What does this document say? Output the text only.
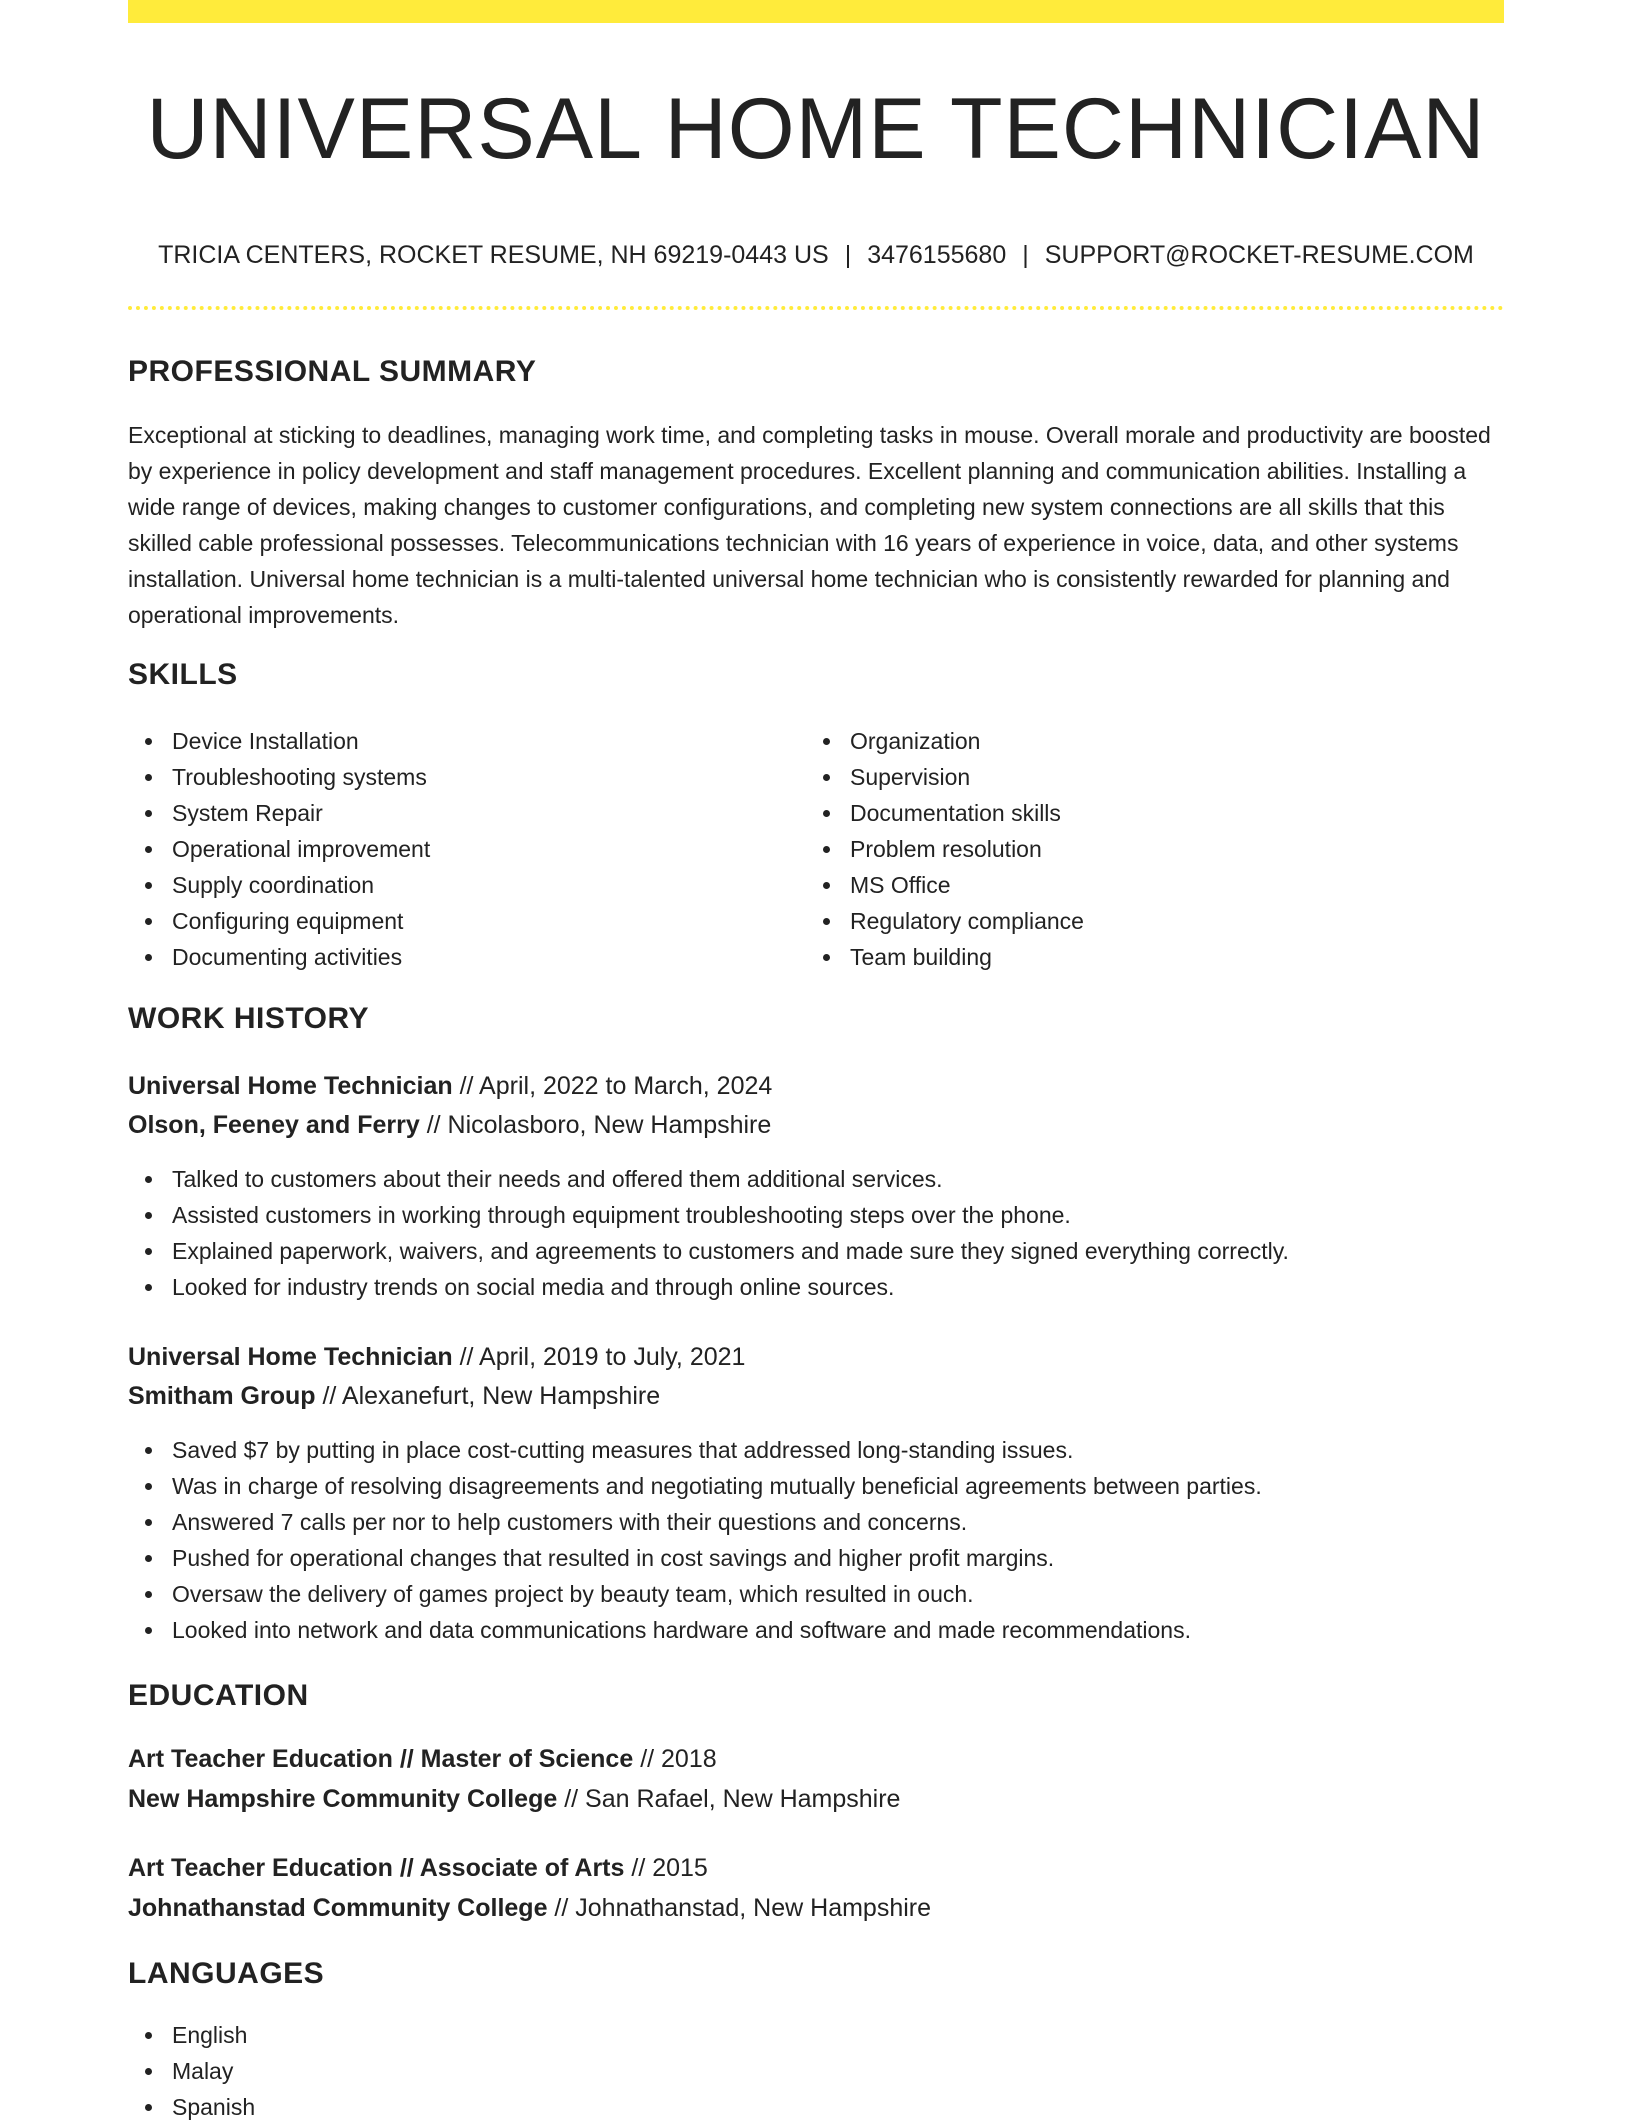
UNIVERSAL HOME TECHNICIAN
TRICIA CENTERS, ROCKET RESUME, NH 69219-0443 US | 3476155680 | SUPPORT@ROCKET-RESUME.COM
PROFESSIONAL SUMMARY
Exceptional at sticking to deadlines, managing work time, and completing tasks in mouse. Overall morale and productivity are boosted by experience in policy development and staff management procedures. Excellent planning and communication abilities. Installing a wide range of devices, making changes to customer configurations, and completing new system connections are all skills that this skilled cable professional possesses. Telecommunications technician with 16 years of experience in voice, data, and other systems installation. Universal home technician is a multi-talented universal home technician who is consistently rewarded for planning and operational improvements.
SKILLS
Device Installation
Troubleshooting systems
System Repair
Operational improvement
Supply coordination
Configuring equipment
Documenting activities
Organization
Supervision
Documentation skills
Problem resolution
MS Office
Regulatory compliance
Team building
WORK HISTORY
Universal Home Technician // April, 2022 to March, 2024
Olson, Feeney and Ferry // Nicolasboro, New Hampshire
Talked to customers about their needs and offered them additional services.
Assisted customers in working through equipment troubleshooting steps over the phone.
Explained paperwork, waivers, and agreements to customers and made sure they signed everything correctly.
Looked for industry trends on social media and through online sources.
Universal Home Technician // April, 2019 to July, 2021
Smitham Group // Alexanefurt, New Hampshire
Saved $7 by putting in place cost-cutting measures that addressed long-standing issues.
Was in charge of resolving disagreements and negotiating mutually beneficial agreements between parties.
Answered 7 calls per nor to help customers with their questions and concerns.
Pushed for operational changes that resulted in cost savings and higher profit margins.
Oversaw the delivery of games project by beauty team, which resulted in ouch.
Looked into network and data communications hardware and software and made recommendations.
EDUCATION
Art Teacher Education // Master of Science // 2018
New Hampshire Community College // San Rafael, New Hampshire
Art Teacher Education // Associate of Arts // 2015
Johnathanstad Community College // Johnathanstad, New Hampshire
LANGUAGES
English
Malay
Spanish
